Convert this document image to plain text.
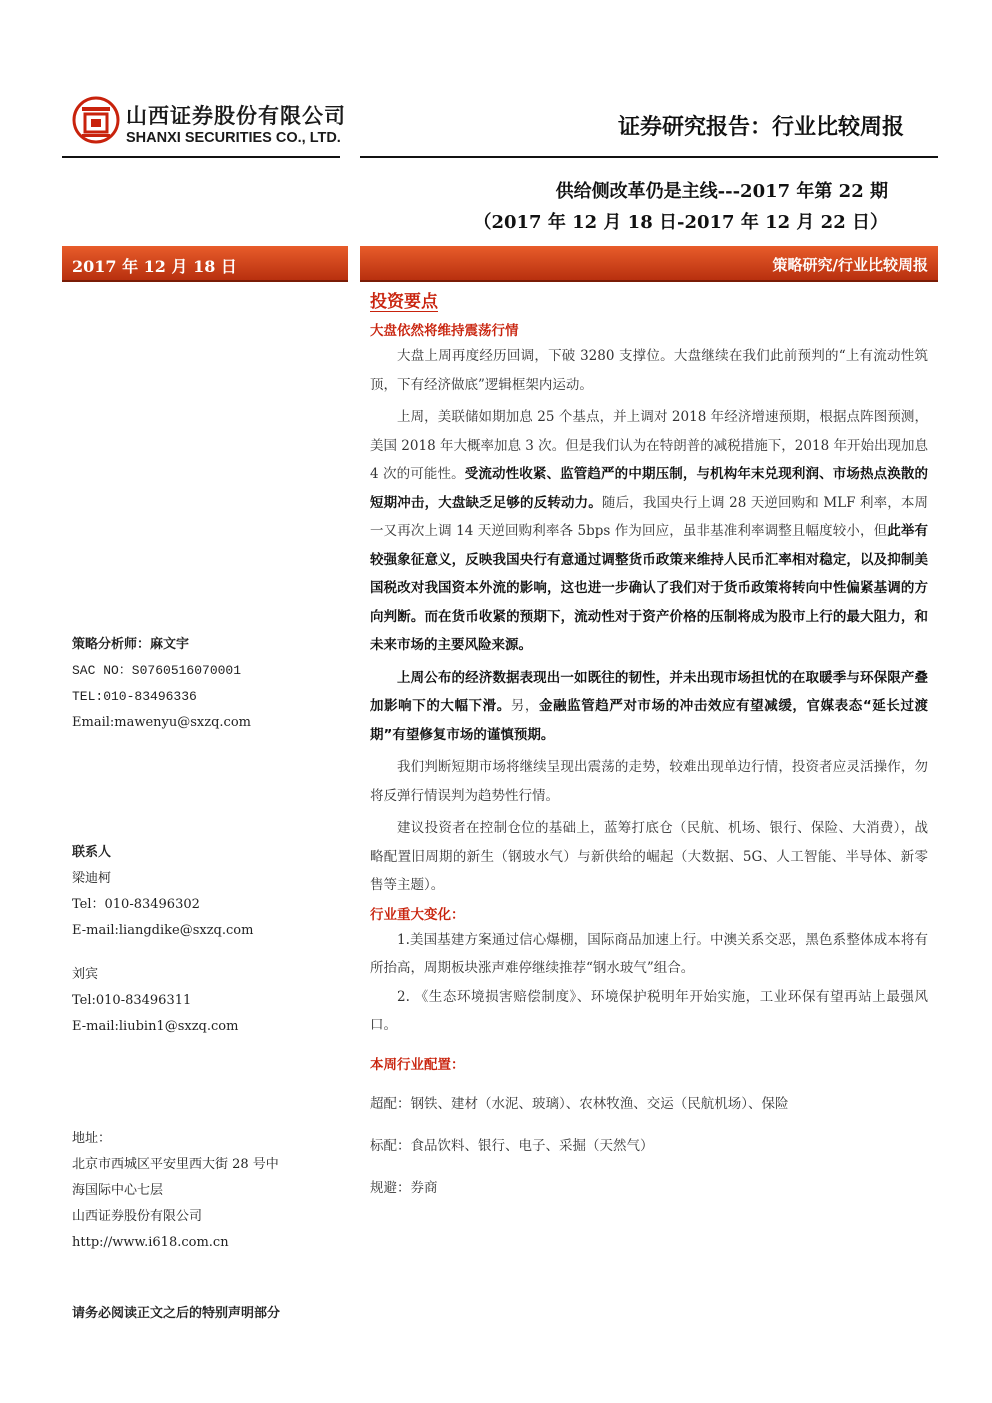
山西证券股份有限公司
SHANXI SECURITIES CO., LTD.	证券研究报告：行业比较周报
供给侧改革仍是主线---2017 年第 22 期
（2017 年 12 月 18 日-2017 年 12 月 22 日）
2017 年 12 月 18 日	策略研究/行业比较周报
策略分析师：麻文宇
SAC NO：S0760516070001
TEL:010-83496336
Email:mawenyu@sxzq.com
联系人
梁迪柯
Tel：010-83496302
E-mail:liangdike@sxzq.com
刘宾
Tel:010-83496311
E-mail:liubin1@sxzq.com
地址：
北京市西城区平安里西大街 28 号中
海国际中心七层
山西证券股份有限公司
http://www.i618.com.cn
请务必阅读正文之后的特别声明部分
投资要点
大盘依然将维持震荡行情

大盘上周再度经历回调，下破 3280 支撑位。大盘继续在我们此前预判的“上有流动性筑顶，下有经济做底”逻辑框架内运动。

上周，美联储如期加息 25 个基点，并上调对 2018 年经济增速预期，根据点阵图预测，美国 2018 年大概率加息 3 次。但是我们认为在特朗普的减税措施下，2018 年开始出现加息 4 次的可能性。受流动性收紧、监管趋严的中期压制，与机构年末兑现利润、市场热点涣散的短期冲击，大盘缺乏足够的反转动力。随后，我国央行上调 28 天逆回购和 MLF 利率，本周一又再次上调 14 天逆回购利率各 5bps 作为回应，虽非基准利率调整且幅度较小，但此举有较强象征意义，反映我国央行有意通过调整货币政策来维持人民币汇率相对稳定，以及抑制美国税改对我国资本外流的影响，这也进一步确认了我们对于货币政策将转向中性偏紧基调的方向判断。而在货币收紧的预期下，流动性对于资产价格的压制将成为股市上行的最大阻力，和未来市场的主要风险来源。

上周公布的经济数据表现出一如既往的韧性，并未出现市场担忧的在取暖季与环保限产叠加影响下的大幅下滑。另，金融监管趋严对市场的冲击效应有望减缓，官媒表态“延长过渡期”有望修复市场的谨慎预期。

我们判断短期市场将继续呈现出震荡的走势，较难出现单边行情，投资者应灵活操作，勿将反弹行情误判为趋势性行情。

建议投资者在控制仓位的基础上，蓝筹打底仓（民航、机场、银行、保险、大消费），战略配置旧周期的新生（钢玻水气）与新供给的崛起（大数据、5G、人工智能、半导体、新零售等主题）。

行业重大变化：

1.美国基建方案通过信心爆棚，国际商品加速上行。中澳关系交恶，黑色系整体成本将有所抬高，周期板块涨声难停继续推荐“钢水玻气”组合。

2. 《生态环境损害赔偿制度》、环境保护税明年开始实施，工业环保有望再站上最强风口。

本周行业配置：

超配：钢铁、建材（水泥、玻璃）、农林牧渔、交运（民航机场）、保险

标配：食品饮料、银行、电子、采掘（天然气）

规避：券商
